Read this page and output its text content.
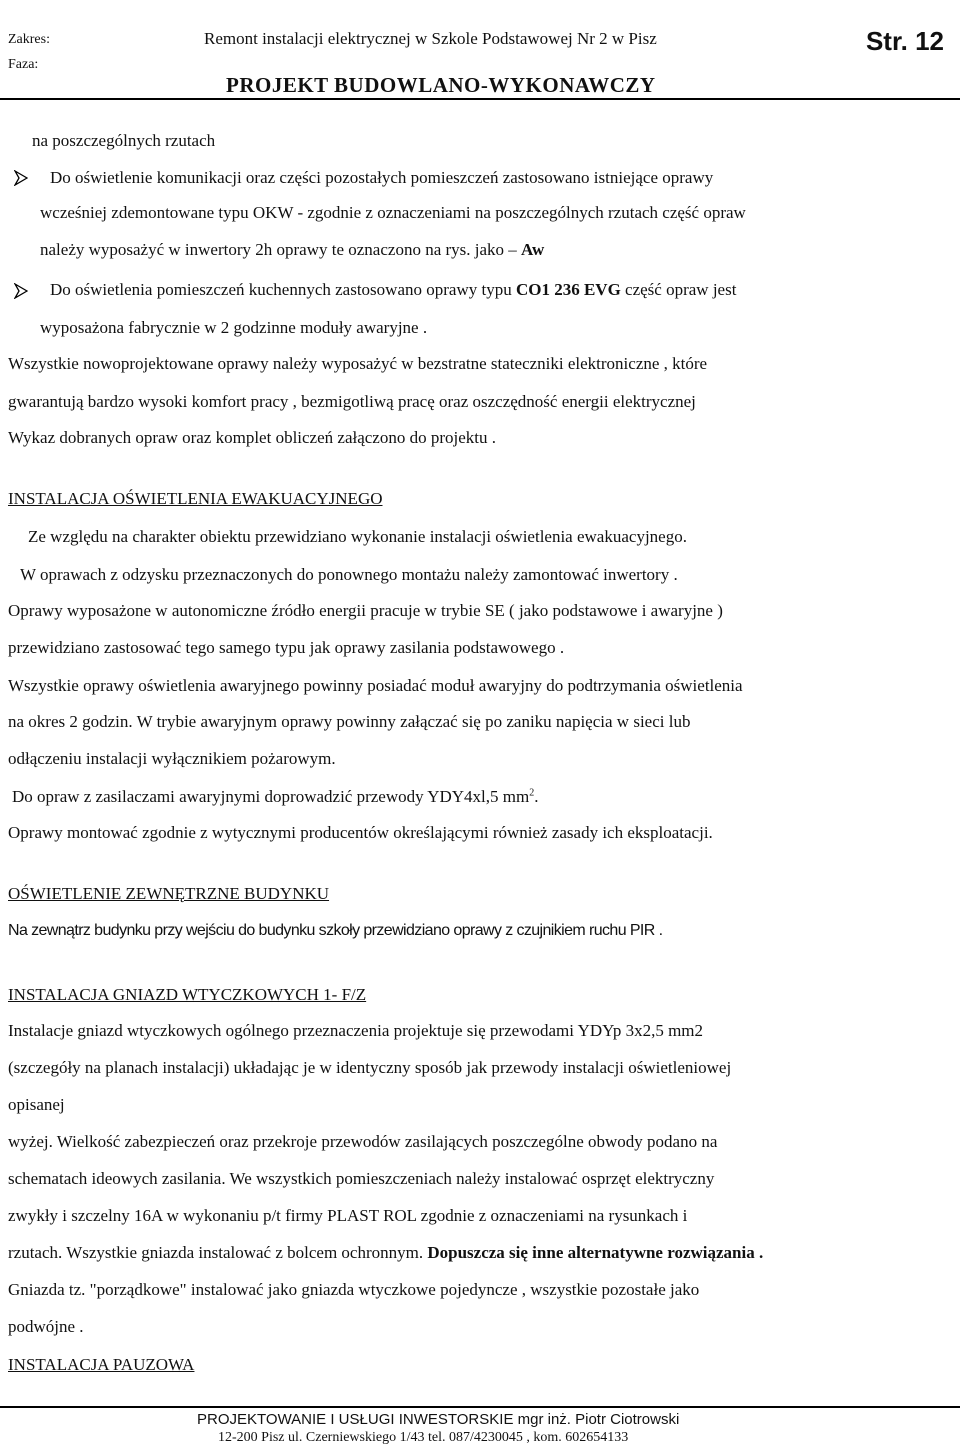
Zakres:
Faza:
Remont instalacji elektrycznej w Szkole Podstawowej Nr 2 w Pisz	Str. 12
PROJEKT BUDOWLANO-WYKONAWCZY
na poszczególnych rzutach
Do oświetlenie komunikacji oraz części pozostałych pomieszczeń zastosowano istniejące oprawy
wcześniej zdemontowane typu OKW - zgodnie z oznaczeniami na poszczególnych rzutach część opraw
należy wyposażyć w inwertory 2h oprawy te oznaczono na rys. jako – Aw
Do oświetlenia pomieszczeń kuchennych zastosowano oprawy typu CO1 236 EVG część opraw jest
wyposażona fabrycznie w 2 godzinne moduły awaryjne .
Wszystkie nowoprojektowane oprawy należy wyposażyć w bezstratne stateczniki elektroniczne , które
gwarantują bardzo wysoki komfort pracy , bezmigotliwą pracę oraz oszczędność energii elektrycznej
Wykaz dobranych opraw oraz komplet obliczeń załączono do projektu .
INSTALACJA OŚWIETLENIA EWAKUACYJNEGO
Ze względu na charakter obiektu przewidziano wykonanie instalacji oświetlenia ewakuacyjnego.
W oprawach z odzysku przeznaczonych do ponownego montażu należy zamontować inwertory .
Oprawy wyposażone w autonomiczne źródło energii pracuje w trybie SE ( jako podstawowe i awaryjne )
przewidziano zastosować tego samego typu jak oprawy zasilania podstawowego .
Wszystkie oprawy oświetlenia awaryjnego powinny posiadać moduł awaryjny do podtrzymania oświetlenia
na okres 2 godzin. W trybie awaryjnym oprawy powinny załączać się po zaniku napięcia w sieci lub
odłączeniu instalacji wyłącznikiem pożarowym.
Do opraw z zasilaczami awaryjnymi doprowadzić przewody YDY4xl,5 $mm^2$.
Oprawy montować zgodnie z wytycznymi producentów określającymi również zasady ich eksploatacji.
OŚWIETLENIE ZEWNĘTRZNE BUDYNKU
Na zewnątrz budynku przy wejściu do budynku szkoły przewidziano oprawy z czujnikiem ruchu PIR .
INSTALACJA GNIAZD WTYCZKOWYCH 1- F/Z
Instalacje gniazd wtyczkowych ogólnego przeznaczenia projektuje się przewodami YDYp 3x2,5 mm2
(szczegóły na planach instalacji) układając je w identyczny sposób jak przewody instalacji oświetleniowej
opisanej
wyżej. Wielkość zabezpieczeń oraz przekroje przewodów zasilających poszczególne obwody podano na
schematach ideowych zasilania. We wszystkich pomieszczeniach należy instalować osprzęt elektryczny
zwykły i szczelny 16A w wykonaniu p/t firmy PLAST ROL zgodnie z oznaczeniami na rysunkach i
rzutach. Wszystkie gniazda instalować z bolcem ochronnym. Dopuszcza się inne alternatywne rozwiązania .
Gniazda tz. "porządkowe" instalować jako gniazda wtyczkowe pojedyncze , wszystkie pozostałe jako
podwójne .
INSTALACJA PAUZOWA
PROJEKTOWANIE I USŁUGI INWESTORSKIE mgr inż. Piotr Ciotrowski
12-200 Pisz ul. Czerniewskiego 1/43 tel. 087/4230045 , kom. 602654133
